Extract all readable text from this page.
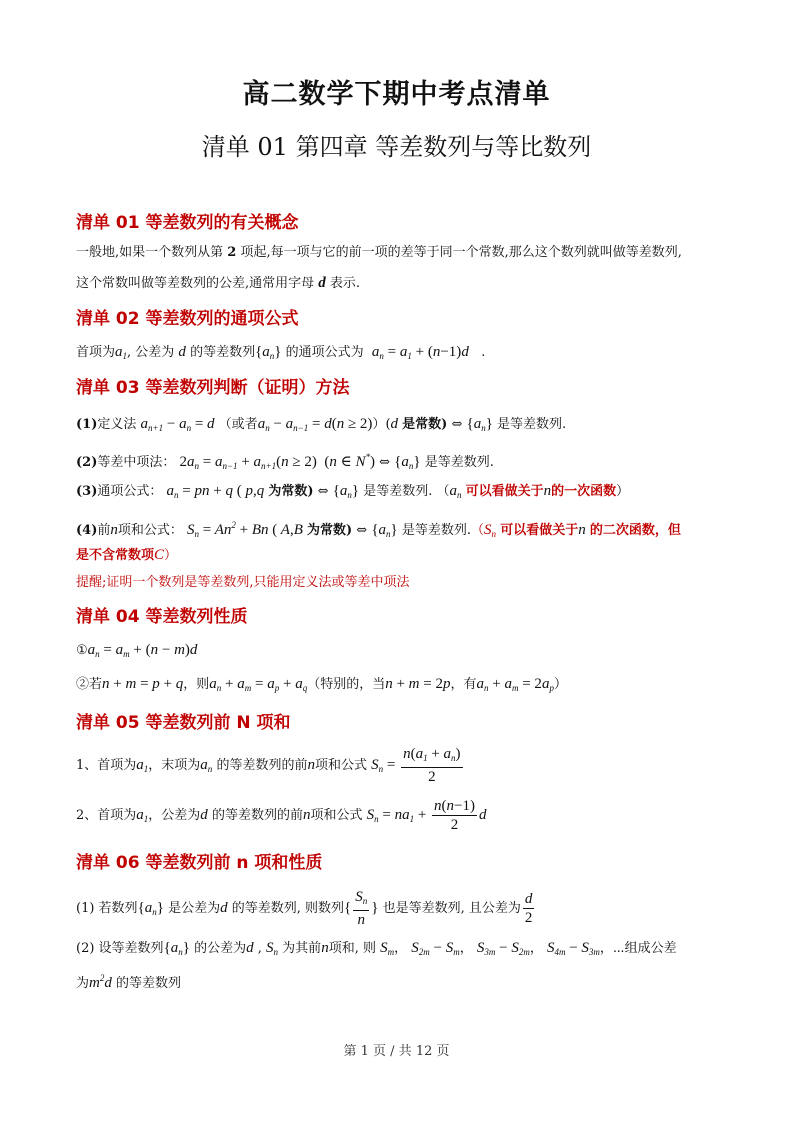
高二数学下期中考点清单
清单 01 第四章 等差数列与等比数列
清单 01 等差数列的有关概念
一般地,如果一个数列从第 2 项起,每一项与它的前一项的差等于同一个常数,那么这个数列就叫做等差数列,
这个常数叫做等差数列的公差,通常用字母 d 表示.
清单 02 等差数列的通项公式
首项为$a_1$, 公差为 d 的等差数列$\{a_n\}$ 的通项公式为 $a_n = a_1 + (n-1)d$   .
清单 03 等差数列判断（证明）方法
(1)定义法 $a_{n+1} - a_n = d$ （或者$a_n - a_{n-1} = d(n \ge 2))(d$ 是常数) ⇔ $\{a_n\}$ 是等差数列.
(2)等差中项法： $2a_n = a_{n-1} + a_{n+1}(n \ge 2)$ (n ∈ N*) ⇔ $\{a_n\}$ 是等差数列.
(3)通项公式： $a_n$ = pn + q ( p,q 为常数) ⇔ $\{a_n\}$ 是等差数列. （$a_n$ 可以看做关于n的一次函数）
(4)前n项和公式： $S_n = An^2 + Bn$ ( A,B 为常数) ⇔ $\{a_n\}$ 是等差数列$.(S_n$ 可以看做关于n 的二次函数，但
是不含常数项C）
提醒;证明一个数列是等差数列,只能用定义法或等差中项法
清单 04 等差数列性质
$①a_n = a_m + (n - m)d$
②若n + m = p + q，则$a_n + a_m = a_p + a_q$（特别的，当n + m = 2p，有$a_n + a_m = 2a_p$）
清单 05 等差数列前 N 项和
1、首项为$a_1$，末项为$a_n$ 的等差数列的前n项和公式 $S_n = \frac{n(a_1 + a_n)}{2}$
2、首项为$a_1$，公差为d 的等差数列的前n项和公式 $S_n = na_1 + \frac{n(n-1)}{2}$ d
清单 06 等差数列前 n 项和性质
(1) 若数列$\{a_n\}$ 是公差为d 的等差数列, 则数列{ $\frac{S_n}{n}$ } 也是等差数列, 且公差为 $\frac{d}{2}$
(2) 设等差数列$\{a_n\}$ 的公差为d , $S_n$ 为其前n项和, 则 $S_m$， $S_{2m} - S_m$， $S_{3m} - S_{2m}$， $S_{4m} - S_{3m}$，⋯组成公差
为$m^2d$ 的等差数列
第 1 页 / 共 12 页
